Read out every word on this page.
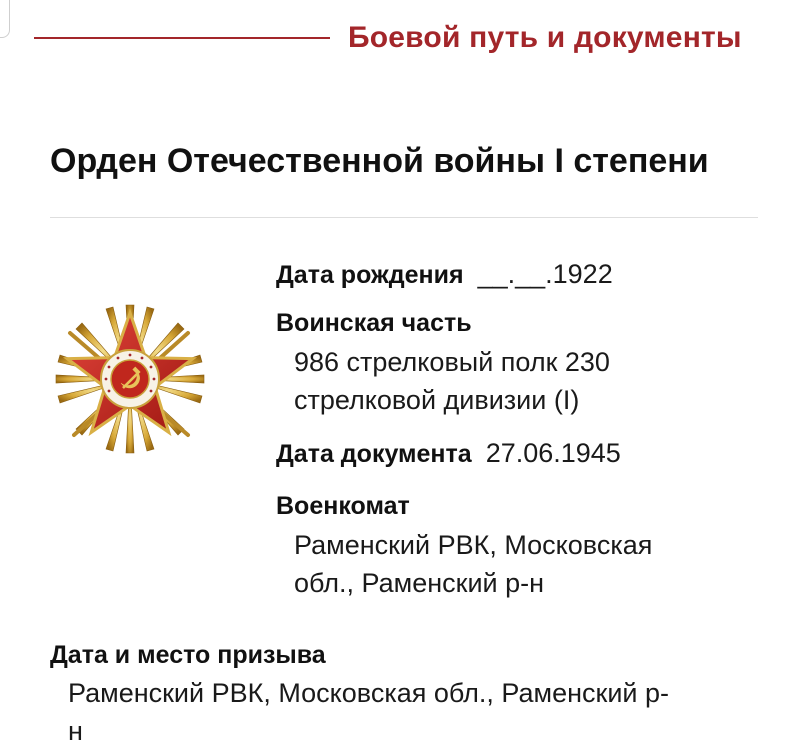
Боевой путь и документы
Орден Отечественной войны I степени
Дата рождения __.__.1922
Воинская часть
986 стрелковый полк 230 стрелковой дивизии (I)
Дата документа 27.06.1945
Военкомат
Раменский РВК, Московская обл., Раменский р-н
Дата и место призыва
Раменский РВК, Московская обл., Раменский р-н
